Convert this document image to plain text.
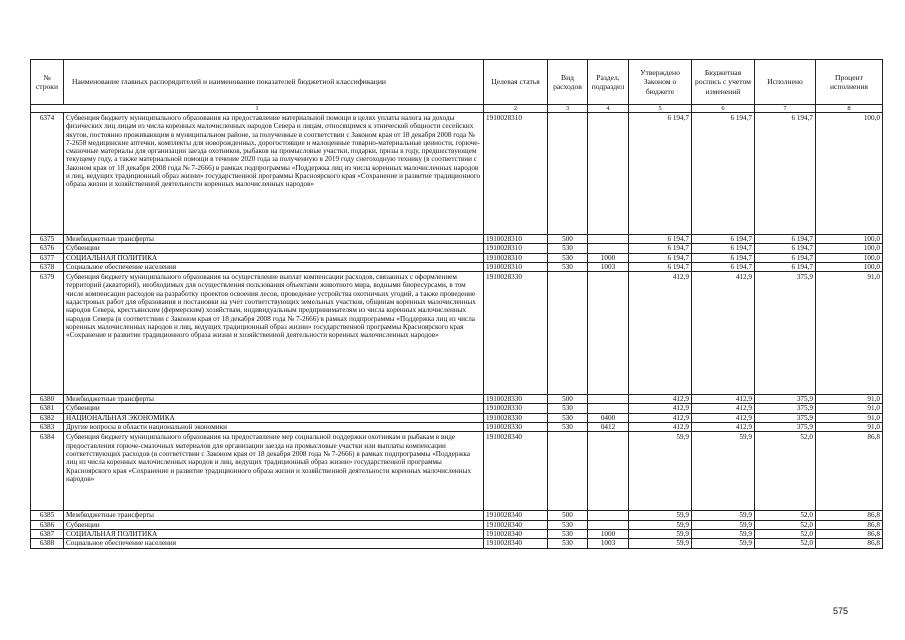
№ строки	Наименование главных распорядителей и наименование показателей бюджетной классификации	Целевая статья	Вид расходов	Раздел, подраздел	Утверждено Законом о бюджете	Бюджетная роспись с учетом изменений	Исполнено	Процент исполнения
1		2	3	4	5	6	7	8
6374	Субвенция бюджету муниципального образования на предоставление материальной помощи в целях уплаты налога на доходы физических лиц лицам из числа коренных малочисленных народов Севера и лицам, относящимся к этнической общности сесейских якутов, постоянно проживающим в муниципальном районе, за полученные в соответствии с Законом края от 18 декабря 2008 года № 7-2658 медицинские аптечки, комплекты для новорожденных, дорогостоящие и малоценные товарно-материальные ценности, горюче-смазочные материалы для организации заезда охотников, рыбаков на промысловые участки, подарки, призы в году, предшествующем текущему году, а также материальной помощи в течение 2020 года за полученную в 2019 году снегоходную технику (в соответствии с Законом края от 18 декабря 2008 года № 7-2666) в рамках подпрограммы «Поддержка лиц из числа коренных малочисленных народов и лиц, ведущих традиционный образ жизни» государственной программы Красноярского края «Сохранение и развитие традиционного образа жизни и хозяйственной деятельности коренных малочисленных народов»	1910028310			6 194,7	6 194,7	6 194,7	100,0
6375	Межбюджетные трансферты	1910028310	500		6 194,7	6 194,7	6 194,7	100,0
6376	Субвенции	1910028310	530		6 194,7	6 194,7	6 194,7	100,0
6377	СОЦИАЛЬНАЯ ПОЛИТИКА	1910028310	530	1000	6 194,7	6 194,7	6 194,7	100,0
6378	Социальное обеспечение населения	1910028310	530	1003	6 194,7	6 194,7	6 194,7	100,0
6379	Субвенция бюджету муниципального образования на осуществление выплат компенсации расходов, связанных с оформлением территорий (акваторий), необходимых для осуществления пользования объектами животного мира, водными биоресурсами, в том числе компенсации расходов на разработку проектов освоения лесов, проведение устройства охотничьих угодий, а также проведение кадастровых работ для образования и постановки на учет соответствующих земельных участков, общинам коренных малочисленных народов Севера, крестьянским (фермерским) хозяйствам, индивидуальным предпринимателям из числа коренных малочисленных народов Севера (в соответствии с Законом края от 18 декабря 2008 года № 7-2666) в рамках подпрограммы «Поддержка лиц из числа коренных малочисленных народов и лиц, ведущих традиционный образ жизни» государственной программы Красноярского края «Сохранение и развитие традиционного образа жизни и хозяйственной деятельности коренных малочисленных народов»	1910028330			412,9	412,9	375,9	91,0
6380	Межбюджетные трансферты	1910028330	500		412,9	412,9	375,9	91,0
6381	Субвенции	1910028330	530		412,9	412,9	375,9	91,0
6382	НАЦИОНАЛЬНАЯ ЭКОНОМИКА	1910028330	530	0400	412,9	412,9	375,9	91,0
6383	Другие вопросы в области национальной экономики	1910028330	530	0412	412,9	412,9	375,9	91,0
6384	Субвенция бюджету муниципального образования на предоставление мер социальной поддержки охотникам и рыбакам в виде предоставления горюче-смазочных материалов для организации заезда на промысловые участки или выплаты компенсации соответствующих расходов (в соответствии с Законом края от 18 декабря 2008 года № 7-2666) в рамках подпрограммы «Поддержка лиц из числа коренных малочисленных народов и лиц, ведущих традиционный образ жизни» государственной программы Красноярского края «Сохранение и развитие традиционного образа жизни и хозяйственной деятельности коренных малочисленных народов»	1910028340			59,9	59,9	52,0	86,8
6385	Межбюджетные трансферты	1910028340	500		59,9	59,9	52,0	86,8
6386	Субвенции	1910028340	530		59,9	59,9	52,0	86,8
6387	СОЦИАЛЬНАЯ ПОЛИТИКА	1910028340	530	1000	59,9	59,9	52,0	86,8
6388	Социальное обеспечение населения	1910028340	530	1003	59,9	59,9	52,0	86,8
575
